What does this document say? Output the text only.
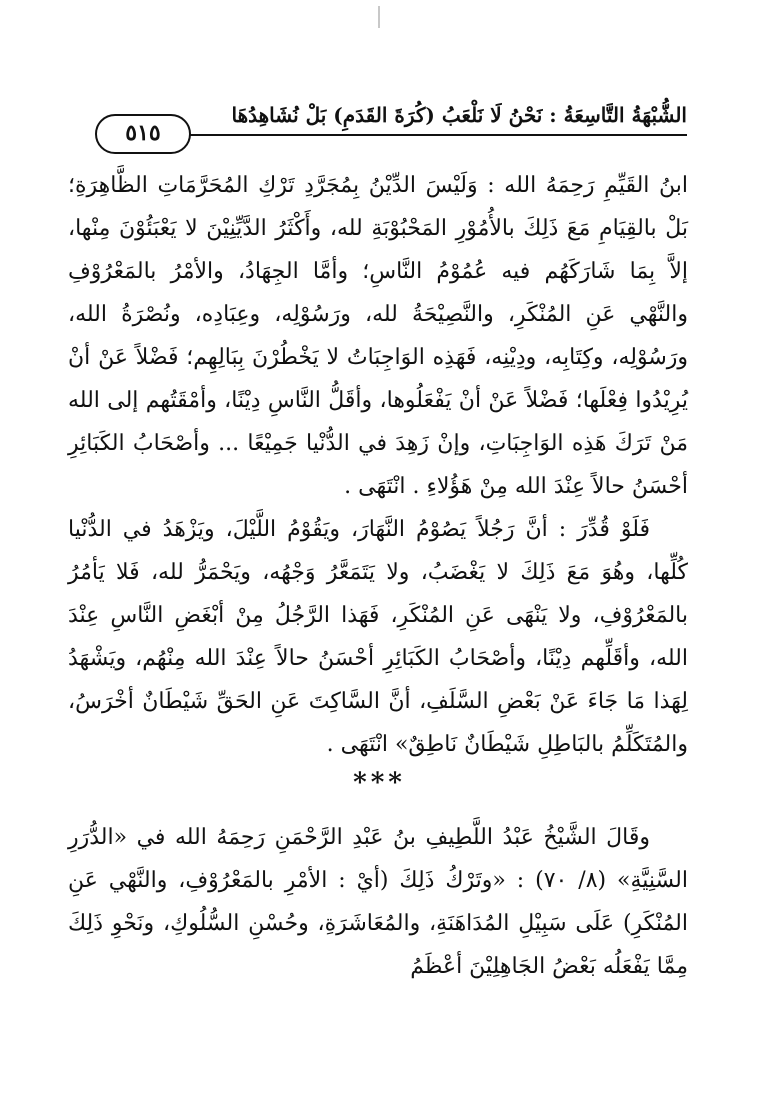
الشُّبْهَةُ التَّاسِعَةُ : نَحْنُ لَا نَلْعَبُ (كُرَةَ القَدَمِ) بَلْ نُشَاهِدُهَا
٥١٥

ابنُ القَيِّمِ رَحِمَهُ الله : وَلَيْسَ الدِّيْنُ بِمُجَرَّدِ تَرْكِ المُحَرَّمَاتِ الظَّاهِرَةِ؛ بَلْ بالقِيَامِ مَعَ ذَلِكَ بالأُمُوْرِ المَحْبُوْبَةِ لله، وأَكْثَرُ الدَّيِّنِيْنَ لا يَعْبَئُوْنَ مِنْها، إلاَّ بِمَا شَارَكَهُم فيه عُمُوْمُ النَّاسِ؛ وأمَّا الجِهَادُ، والأمْرُ بالمَعْرُوْفِ والنَّهْي عَنِ المُنْكَرِ، والنَّصِيْحَةُ لله، ورَسُوْلِه، وعِبَادِه، ونُصْرَةُ الله، ورَسُوْلِه، وكِتَابِه، ودِيْنِه، فَهَذِه الوَاجِبَاتُ لا يَخْطُرْنَ بِبَالِهِم؛ فَضْلاً عَنْ أنْ يُرِيْدُوا فِعْلَها؛ فَضْلاً عَنْ أنْ يَفْعَلُوها، وأقَلُّ النَّاسِ دِيْنًا، وأمْقَتُهم إلى الله مَنْ تَرَكَ هَذِه الوَاجِبَاتِ، وإنْ زَهِدَ في الدُّنْيا جَمِيْعًا ... وأصْحَابُ الكَبَائِرِ أحْسَنُ حالاً عِنْدَ الله مِنْ هَؤُلاءِ . انْتَهَى .

فَلَوْ قُدِّرَ : أنَّ رَجُلاً يَصُوْمُ النَّهَارَ، ويَقُوْمُ اللَّيْلَ، ويَزْهَدُ في الدُّنْيا كُلِّها، وهُوَ مَعَ ذَلِكَ لا يَغْضَبُ، ولا يَتَمَعَّرُ وَجْهُه، ويَحْمَرُّ لله، فَلا يَأمُرُ بالمَعْرُوْفِ، ولا يَنْهَى عَنِ المُنْكَرِ، فَهَذا الرَّجُلُ مِنْ أبْغَضِ النَّاسِ عِنْدَ الله، وأقَلِّهم دِيْنًا، وأصْحَابُ الكَبَائِرِ أحْسَنُ حالاً عِنْدَ الله مِنْهُم، ويَشْهَدُ لِهَذا مَا جَاءَ عَنْ بَعْضِ السَّلَفِ، أنَّ السَّاكِتَ عَنِ الحَقِّ شَيْطَانٌ أخْرَسُ، والمُتَكَلِّمُ بالبَاطِلِ شَيْطَانٌ نَاطِقٌ» انْتَهَى .

***

وقَالَ الشَّيْخُ عَبْدُ اللَّطِيفِ بنُ عَبْدِ الرَّحْمَنِ رَحِمَهُ الله في «الدُّرَرِ السَّنِيَّةِ» (٨/ ٧٠) : «وتَرْكُ ذَلِكَ (أيْ : الأمْرِ بالمَعْرُوْفِ، والنَّهْي عَنِ المُنْكَرِ) عَلَى سَبِيْلِ المُدَاهَنَةِ، والمُعَاشَرَةِ، وحُسْنِ السُّلُوكِ، ونَحْوِ ذَلِكَ مِمَّا يَفْعَلُه بَعْضُ الجَاهِلِيْنَ أعْظَمُ
